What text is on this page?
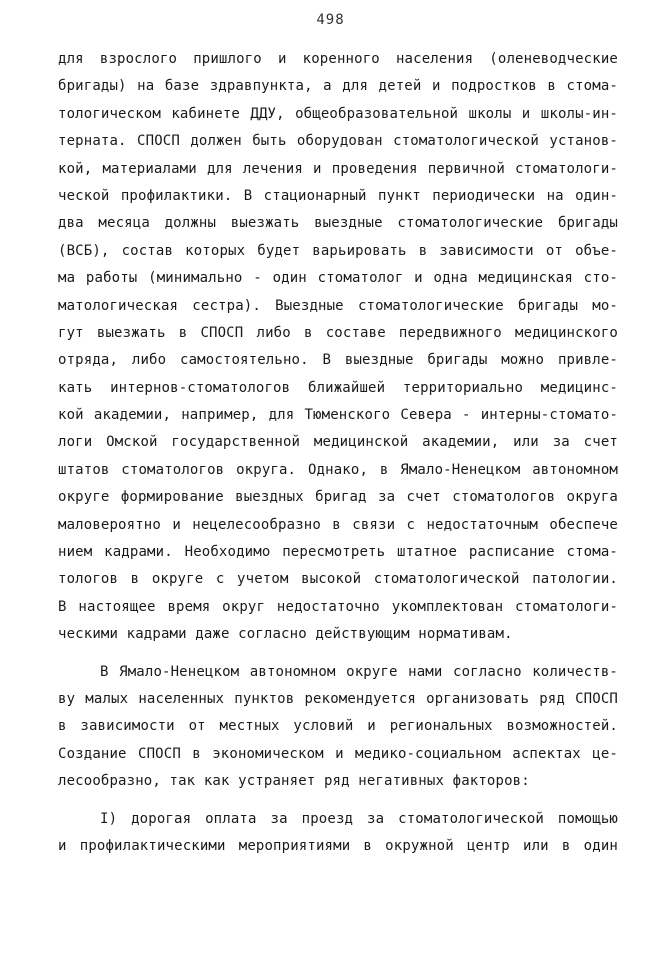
498
для взрослого пришлого и коренного населения (оленеводческие
бригады) на базе здравпункта, а для детей и подростков в стома-
тологическом кабинете ДДУ, общеобразовательной школы и школы-ин-
терната. СПОСП должен быть оборудован стоматологической установ-
кой, материалами для лечения и проведения первичной стоматологи-
ческой профилактики. В стационарный пункт периодически на один-
два месяца должны выезжать выездные стоматологические бригады
(ВСБ), состав которых будет варьировать в зависимости от объе-
ма работы (минимально - один стоматолог и одна медицинская сто-
матологическая сестра). Выездные стоматологические бригады мо-
гут выезжать в СПОСП либо в составе передвижного медицинского
отряда, либо самостоятельно. В выездные бригады можно привле-
кать интернов-стоматологов ближайшей территориально медицинс-
кой академии, например, для Тюменского Севера - интерны-стомато-
логи Омской государственной медицинской академии, или за счет
штатов стоматологов округа. Однако, в Ямало-Ненецком автономном
округе формирование выездных бригад за счет стоматологов округа
маловероятно и нецелесообразно в связи с недостаточным обеспече
нием кадрами. Необходимо пересмотреть штатное расписание стома-
тологов в округе с учетом высокой стоматологической патологии.
В настоящее время округ недостаточно укомплектован стоматологи-
ческими кадрами даже согласно действующим нормативам.
В Ямало-Ненецком автономном округе нами согласно количеств-
ву малых населенных пунктов рекомендуется организовать ряд СПОСП
в зависимости от местных условий и региональных возможностей.
Создание СПОСП в экономическом и медико-социальном аспектах це-
лесообразно, так как устраняет ряд негативных факторов:
I) дорогая оплата за проезд за стоматологической помощью
и профилактическими мероприятиями в окружной центр или в один
